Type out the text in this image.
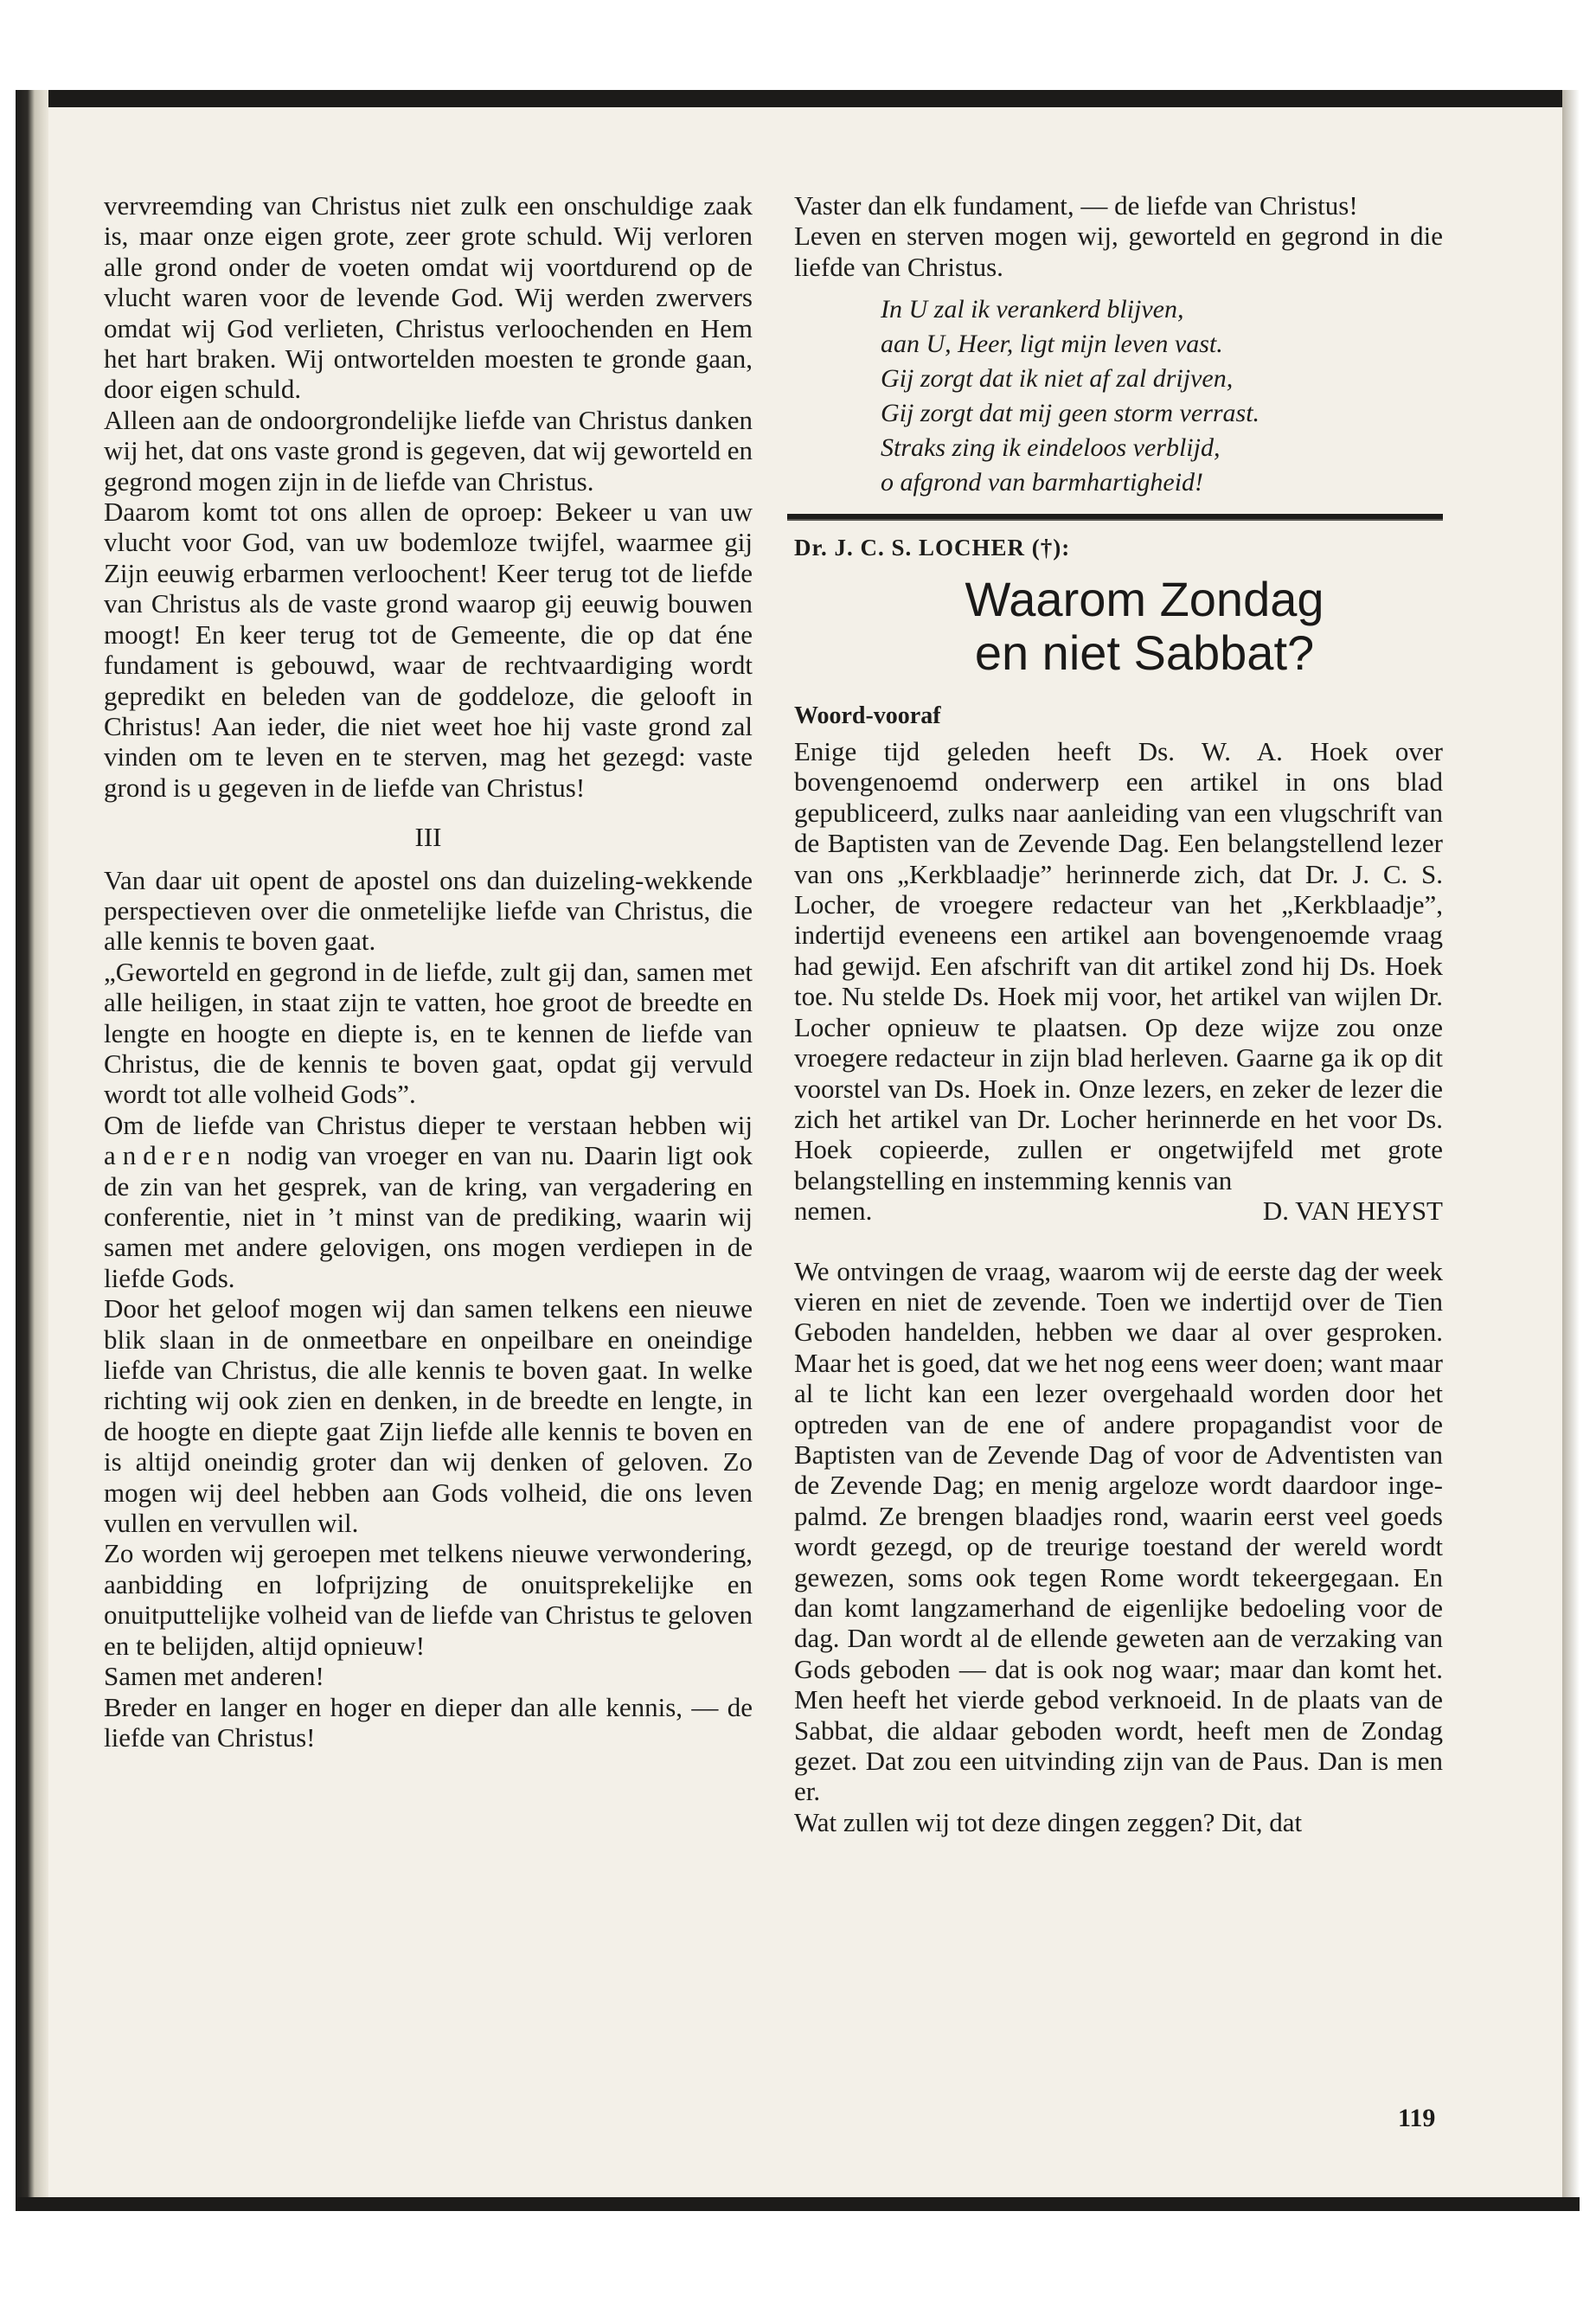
vervreemding van Christus niet zulk een onschuldige zaak is, maar onze eigen grote, zeer grote schuld. Wij verloren alle grond onder de voeten omdat wij voortdurend op de vlucht waren voor de levende God. Wij werden zwervers omdat wij God verlieten, Christus verloochenden en Hem het hart braken. Wij ontwortelden moesten te gronde gaan, door eigen schuld.

Alleen aan de ondoorgrondelijke liefde van Christus danken wij het, dat ons vaste grond is gegeven, dat wij geworteld en gegrond mogen zijn in de liefde van Christus.

Daarom komt tot ons allen de oproep: Bekeer u van uw vlucht voor God, van uw bodemloze twijfel, waarmee gij Zijn eeuwig erbarmen verloochent! Keer terug tot de liefde van Christus als de vaste grond waarop gij eeuwig bouwen moogt! En keer terug tot de Gemeente, die op dat éne fundament is gebouwd, waar de rechtvaardiging wordt gepredikt en beleden van de goddeloze, die gelooft in Christus! Aan ieder, die niet weet hoe hij vaste grond zal vinden om te leven en te sterven, mag het gezegd: vaste grond is u gegeven in de liefde van Christus!

III

Van daar uit opent de apostel ons dan duizeling-wekkende perspectieven over die onmetelijke liefde van Christus, die alle kennis te boven gaat.

„Geworteld en gegrond in de liefde, zult gij dan, samen met alle heiligen, in staat zijn te vatten, hoe groot de breedte en lengte en hoogte en diepte is, en te kennen de liefde van Christus, die de kennis te boven gaat, opdat gij vervuld wordt tot alle volheid Gods”.

Om de liefde van Christus dieper te verstaan hebben wij anderen nodig van vroeger en van nu. Daarin ligt ook de zin van het gesprek, van de kring, van vergadering en conferentie, niet in ’t minst van de prediking, waarin wij samen met andere gelovigen, ons mogen verdiepen in de liefde Gods.

Door het geloof mogen wij dan samen telkens een nieuwe blik slaan in de onmeetbare en onpeilbare en oneindige liefde van Christus, die alle kennis te boven gaat. In welke richting wij ook zien en denken, in de breedte en lengte, in de hoogte en diepte gaat Zijn liefde alle kennis te boven en is altijd oneindig groter dan wij denken of geloven. Zo mogen wij deel hebben aan Gods volheid, die ons leven vullen en vervullen wil.

Zo worden wij geroepen met telkens nieuwe verwondering, aanbidding en lofprijzing de onuitsprekelijke en onuitputtelijke volheid van de liefde van Christus te geloven en te belijden, altijd opnieuw!

Samen met anderen!

Breder en langer en hoger en dieper dan alle kennis, — de liefde van Christus!

Vaster dan elk fundament, — de liefde van Christus!

Leven en sterven mogen wij, geworteld en gegrond in die liefde van Christus.

In U zal ik verankerd blijven,
aan U, Heer, ligt mijn leven vast.
Gij zorgt dat ik niet af zal drijven,
Gij zorgt dat mij geen storm verrast.
Straks zing ik eindeloos verblijd,
o afgrond van barmhartigheid!
Dr. J. C. S. LOCHER (†):
Waarom Zondag
en niet Sabbat?
Woord-vooraf

Enige tijd geleden heeft Ds. W. A. Hoek over bovengenoemd onderwerp een artikel in ons blad gepubliceerd, zulks naar aanleiding van een vlugschrift van de Baptisten van de Zevende Dag. Een belangstellend lezer van ons „Kerkblaadje” herinnerde zich, dat Dr. J. C. S. Locher, de vroegere redacteur van het „Kerkblaadje”, indertijd eveneens een artikel aan bovengenoemde vraag had gewijd. Een afschrift van dit artikel zond hij Ds. Hoek toe. Nu stelde Ds. Hoek mij voor, het artikel van wijlen Dr. Locher opnieuw te plaatsen. Op deze wijze zou onze vroegere redacteur in zijn blad herleven. Gaarne ga ik op dit voorstel van Ds. Hoek in. Onze lezers, en zeker de lezer die zich het artikel van Dr. Locher herinnerde en het voor Ds. Hoek copieerde, zullen er ongetwijfeld met grote belangstelling en instemming kennis van

nemen.	D. VAN HEYST

We ontvingen de vraag, waarom wij de eerste dag der week vieren en niet de zevende. Toen we indertijd over de Tien Geboden handelden, hebben we daar al over gesproken. Maar het is goed, dat we het nog eens weer doen; want maar al te licht kan een lezer overgehaald worden door het optreden van de ene of andere propagandist voor de Baptisten van de Zevende Dag of voor de Adventisten van de Zevende Dag; en menig argeloze wordt daardoor ingepalmd. Ze brengen blaadjes rond, waarin eerst veel goeds wordt gezegd, op de treurige toestand der wereld wordt gewezen, soms ook tegen Rome wordt tekeergegaan. En dan komt langzamerhand de eigenlijke bedoeling voor de dag. Dan wordt al de ellende geweten aan de verzaking van Gods geboden — dat is ook nog waar; maar dan komt het. Men heeft het vierde gebod verknoeid. In de plaats van de Sabbat, die aldaar geboden wordt, heeft men de Zondag gezet. Dat zou een uitvinding zijn van de Paus. Dan is men er.

Wat zullen wij tot deze dingen zeggen? Dit, dat

119
